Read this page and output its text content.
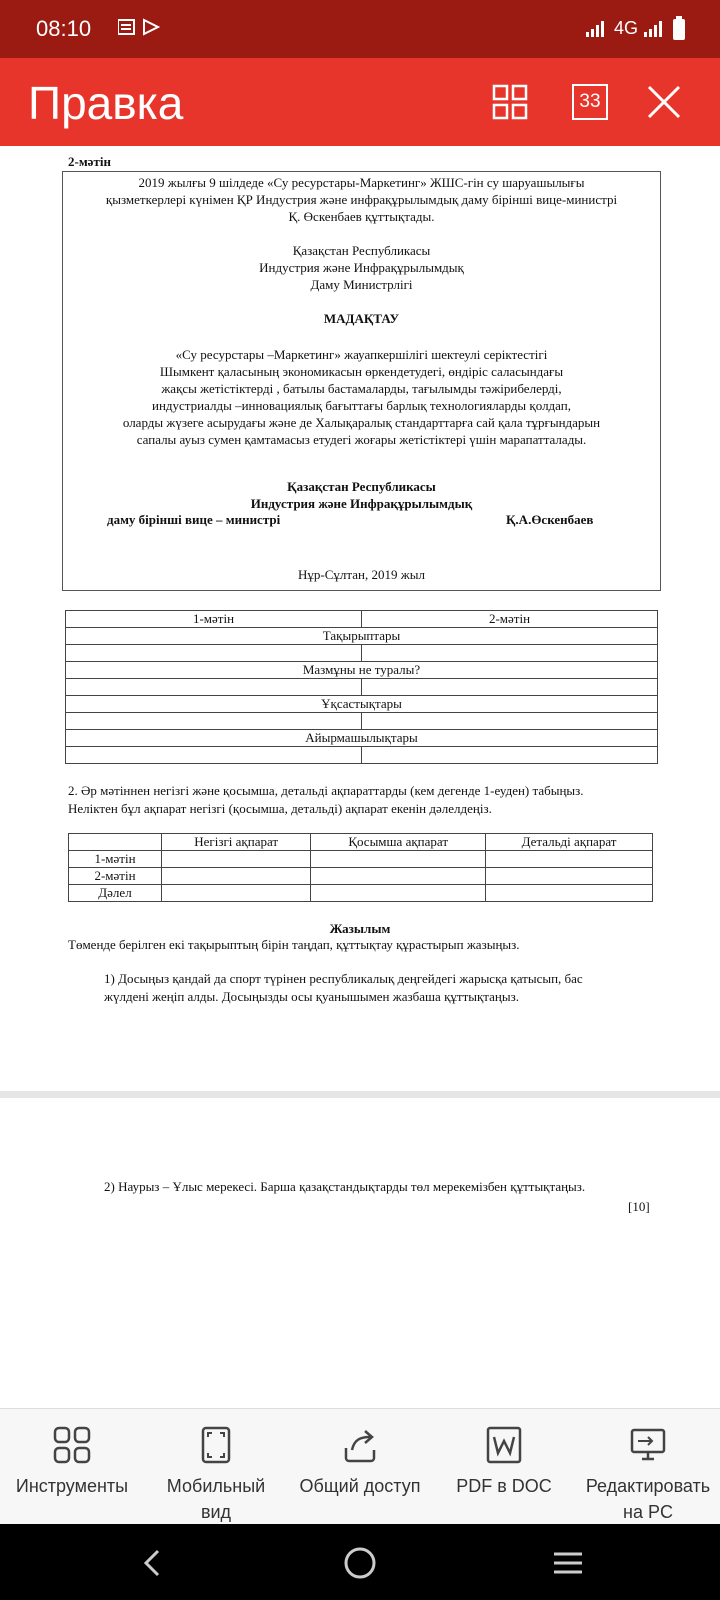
08:10	4G
Правка	33
2-мәтін
2019 жылғы 9 шілдеде «Су ресурстары-Маркетинг» ЖШС-гін су шаруашылығы
қызметкерлері күнімен ҚР Индустрия және инфрақұрылымдық даму бірінші вице-министрі
Қ. Өскенбаев құттықтады.
Қазақстан Республикасы
Индустрия және Инфрақұрылымдық
Даму Министрлігі
МАДАҚТАУ
«Су ресурстары –Маркетинг» жауапкершілігі шектеулі серіктестігі
Шымкент қаласының экономикасын өркендетудегі, өндіріс саласындағы
жақсы жетістіктерді , батылы бастамаларды, тағылымды тәжірибелерді,
индустриалды –инновациялық бағыттағы барлық технологияларды қолдап,
оларды жүзеге асырудағы және де Халықаралық стандарттарға сай қала тұрғындарын
сапалы ауыз сумен қамтамасыз етудегі жоғары жетістіктері үшін марапатталады.
Қазақстан Республикасы
Индустрия және Инфрақұрылымдық
даму бірінші вице – министрі	Қ.А.Өскенбаев
Нұр-Сұлтан, 2019 жыл
1-мәтін	2-мәтін
Тақырыптары	

Мазмұны не туралы?	

Ұқсастықтары	

Айырмашылықтары	

2. Әр мәтіннен негізгі және қосымша, детальді ақпараттарды (кем дегенде 1-еуден) табыңыз.
Неліктен бұл ақпарат негізгі (қосымша, детальді) ақпарат екенін дәлелдеңіз.
	Негізгі ақпарат	Қосымша ақпарат	Детальді ақпарат
1-мәтін			
2-мәтін			
Дәлел			
Жазылым
Төменде берілген екі тақырыптың бірін таңдап, құттықтау құрастырып жазыңыз.
1) Досыңыз қандай да спорт түрінен республикалық деңгейдегі жарысқа қатысып, бас
жүлдені жеңіп алды. Досыңызды осы қуанышымен жазбаша құттықтаңыз.
2) Наурыз – Ұлыс мерекесі. Барша қазақстандықтарды төл мерекемізбен құттықтаңыз.
[10]
Инструменты	Мобильный
вид
Общий доступ	PDF в DOC	Редактировать
на PC
